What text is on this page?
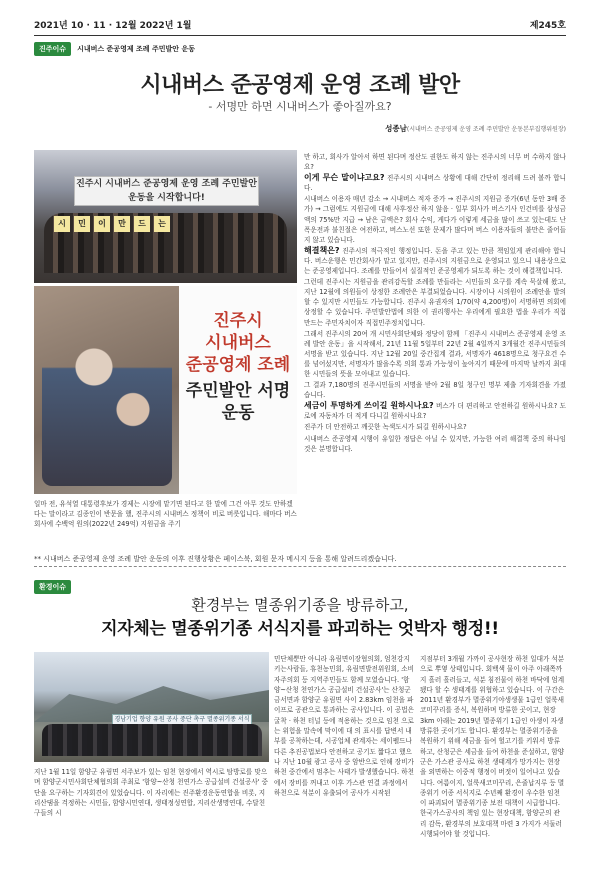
2021년 10 · 11 · 12월 2022년 1월	제245호
진주이슈	시내버스 준공영제 조례 주민발안 운동
시내버스 준공영제 운영 조례 발안
- 서명만 하면 시내버스가 좋아질까요?
성종남(시내버스 준공영제 운영 조례 주민발안 운동본부집행위원장)
진주시 시내버스 준공영제 운영 조례 주민발안 운동을 시작합니다!
시	민	이	만	드	는
진주시
시내버스
준공영제 조례
주민발안 서명운동
일마 전, 유석열 대통령후보가 경제는 시장에 맡기면 된다고 한 말에 그건 아무 것도 안하겠다는 말이라고 김종인이 반문을 했, 진주시의 시내버스 정책이 비로 버릇입니다. 해마다 버스회사에 수백억 원의(2022년 249억) 지원금을 주기

만 하고, 회사가 알아서 하면 된다며 정산도 권한도 하지 않는 진주시의 너무 버 수하지 않나요?

이게 무슨 말이냐고요? 진주시의 시내버스 상황에 대해 간단히 정리해 드려 볼까 합니다.

시내버스 이용자 매년 감소 → 시내버스 적자 증가 → 진주시의 지원금 증가(6년 동안 3배 증가) → 그럼에도 지원금에 대해 사후정산 하지 않음 · 일부 회사가 버스기사 인건비를 삼성금액의 75%만 지급 → 남은 금액은? 회사 수익, 게다가 이렇게 세금을 많이 쓰고 있는데도 난폭운전과 불친절은 여전하고, 버스노선 또한 문제가 많다며 버스 이용자들의 불만은 줄어들지 않고 있습니다.

해결책은? 진주시의 적극적인 행정입니다. 돈을 주고 있는 만큼 책임있게 관리해야 합니다. 버스운행은 민간회사가 맡고 있지만, 진주시의 지원금으로 운영되고 있으니 내용상으로는 준공영제입니다. 조례를 만들어서 실질적인 준공영제가 되도록 하는 것이 해결책입니다.

그런데 진주시는 지원금을 관리감독할 조례를 만들라는 시민들의 요구를 계속 묵살해 왔고, 지난 12월에 의원들이 상정한 조례안은 부결되었습니다. 시장이나 시의원이 조례안을 발의할 수 있지만 시민들도 가능합니다. 진주시 유권자의 1/70(약 4,200명)이 서명하면 의회에 상정할 수 있습니다. 주민발안법에 의한 이 권리행사는 우리에게 필요한 법을 우리가 직접 만드는 주민자치이자 직접민주정치입니다.

그래서 진주시의 20여 개 시민사회단체와 정당이 함께 「진주시 시내버스 준공영제 운영 조례 발안 운동」을 시작해서, 21년 11월 5일부터 22년 2월 4일까지 3개월간 진주시민들의 서명을 받고 있습니다. 지난 12월 20일 중간집계 결과, 서명자가 4618명으로 청구요건 수를 넘어섰지만, 서명자가 많을수록 의회 통과 가능성이 높아지기 때문에 마지막 날까지 최대한 시민들의 뜻을 모아내고 있습니다.

그 결과 7,180명의 진주시민들의 서명을 받아 2월 8일 청구인 명부 제출 기자회견을 가졌습니다.

세금이 투명하게 쓰이길 원하시나요? 버스가 더 편리하고 안전하길 원하시나요? 도로에 자동차가 더 적게 다니길 원하시나요?

진주가 더 안전하고 깨끗한 녹색도시가 되길 원하시나요?

시내버스 준공영제 시행이 유일한 정답은 아닐 수 있지만, 가능한 여러 해결책 중의 하나임 것은 분명합니다.

** 시내버스 준공영제 운영 조례 발안 운동의 이후 진행상황은 페이스북, 회원 문자 메시지 등을 통해 알려드리겠습니다.
환경이슈
환경부는 멸종위기종을 방류하고,
지자체는 멸종위기종 서식지를 파괴하는 엇박자 행정!!
경남기업 향양 유원 공사 중단 촉구 멸종위기종 서식
지난 1월 11일 함양군 유림면 서주보가 있는 임천 현장에서 역시로 탐방로를 맞으며 함양군시민사회단체협의회 주최로 '함양~산청 천연가스 공급설비 건설공사' 중단을 요구하는 기자회견이 있었습니다. 이 자리에는 진주환경운동연합을 비롯, 지리산댐을 걱정하는 시민들, 함양시민연대, 생태정성연합, 지리산생명연대, 수달친구들의 시
민단체뿐만 아니라 유림면이장협의회, 엄천강지키는사람들, 휴천농민회, 유림면발전위원회, 소비자주의회 등 지역주민들도 함께 모였습니다. '함양~산청 천연가스 공급설비 건설공사'는 산청군 금서면과 함양군 유림면 사이 2.83km 임천을 파이프로 공관으로 통과하는 공사입니다. 이 공법은 굴착 · 하천 터널 등에 적용하는 것으로 임천 으로는 위험을 말속에 막이에 대 의 표시를 답변서 내부를 공착하는데, 시공업체 관계자는 세이펠드나 다른 추진공법보다 안전하고 공기도 짧다고 했으나 지난 10월 광고 공사 중 암반으로 인해 장비가 하천 중간에서 멈추는 사태가 발생했습니다. 하천에서 장비를 꺼내고 이후 가스관 연결 과정에서 하천으로 석분이 유출되어 공사가 시작된
지점부터 3개월 가까이 공사현장 하천 일대가 석분으로 뿌옇 상태입니다. 회백색 물이 아주 아래쪽까지 흘러 흘러들고, 석분 침전물이 하천 바닥에 엄계됐다 할 수 생태계를 위협하고 있습니다. 이 구간은 2011년 환경부가 멸종위기야생생물 1급인 얼룩새코미꾸리를 증식, 복원하며 방류한 곳이고, 현장 3km 아래는 2019년 멸종위기 1급인 아생이 자생 방류한 곳이기도 합니다. 환경부는 멸종위기종을 복원하기 위해 세금을 들여 헐고기를 키워서 방류하고, 산청군은 세금을 들여 하천을 준설하고, 함양군은 가스관 공사로 하천 생태계가 망가지는 현장을 외면하는 이중적 행정이 버젓이 일어나고 있습니다. 여름이지, 얼룩새코미꾸리, 은줄납지루 등 멸종위기 어종 서식지로 수년째 환경이 우수한 임천이 파괴되어 멸종위기종 보전 대책이 시급합니다. 한국가스공사의 책임 있는 현장대책, 함양군의 관리 감독, 환경부의 보호대책 마련 3 가지가 서둘러 시행되어야 할 것입니다.
